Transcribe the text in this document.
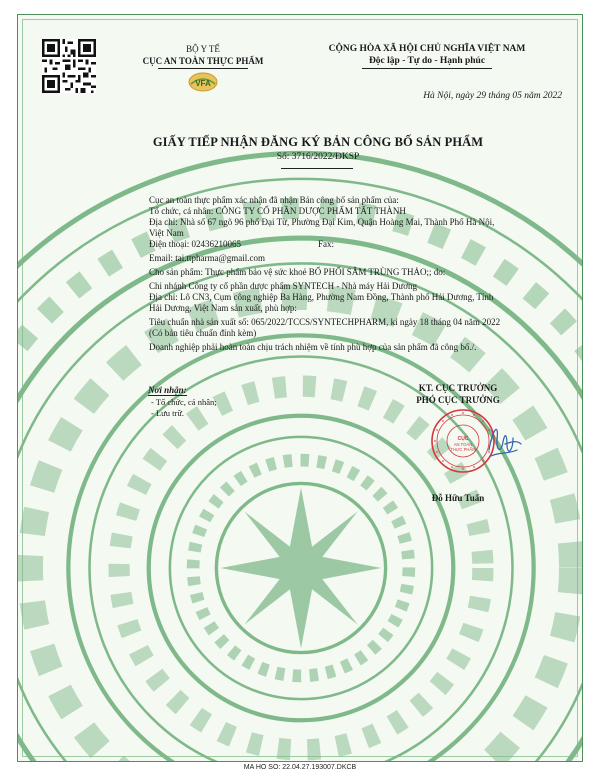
BỘ Y TẾ
CỤC AN TOÀN THỰC PHẨM
VFA
CỘNG HÒA XÃ HỘI CHỦ NGHĨA VIỆT NAM
Độc lập - Tự do - Hạnh phúc
Hà Nội, ngày 29 tháng 05 năm 2022
GIẤY TIẾP NHẬN ĐĂNG KÝ BẢN CÔNG BỐ SẢN PHẨM
Số: 3716/2022/ĐKSP

Cục an toàn thực phẩm xác nhận đã nhận Bản công bố sản phẩm của:

Tổ chức, cá nhân: CÔNG TY CỔ PHẦN DƯỢC PHẨM TẤT THÀNH

Địa chỉ: Nhà số 67 ngõ 96 phố Đại Từ, Phường Đại Kim, Quận Hoàng Mai, Thành Phố Hà Nội, Việt Nam

Điện thoại: 02436210065	Fax:

Email: tai.ttpharma@gmail.com

Cho sản phẩm: Thực phẩm bảo vệ sức khoẻ BỔ PHỔI SÂM TRÙNG THẢO;; do:

Chi nhánh Công ty cổ phần dược phẩm SYNTECH - Nhà máy Hải Dương

Địa chỉ: Lô CN3, Cụm công nghiệp Ba Hàng, Phường Nam Đồng, Thành phố Hải Dương, Tỉnh Hải Dương, Việt Nam sản xuất, phù hợp:

Tiêu chuẩn nhà sản xuất số: 065/2022/TCCS/SYNTECHPHARM, kí ngày 18 tháng 04 năm 2022 (Có bản tiêu chuẩn đính kèm)

Doanh nghiệp phải hoàn toàn chịu trách nhiệm về tính phù hợp của sản phẩm đã công bố./.

Nơi nhận:
- Tổ chức, cá nhân;
- Lưu trữ.
KT. CỤC TRƯỞNG
PHÓ CỤC TRƯỞNG
CỤC
AN TOÀN
THỰC PHẨM
Đỗ Hữu Tuấn
MA HO SO: 22.04.27.193007.DKCB
